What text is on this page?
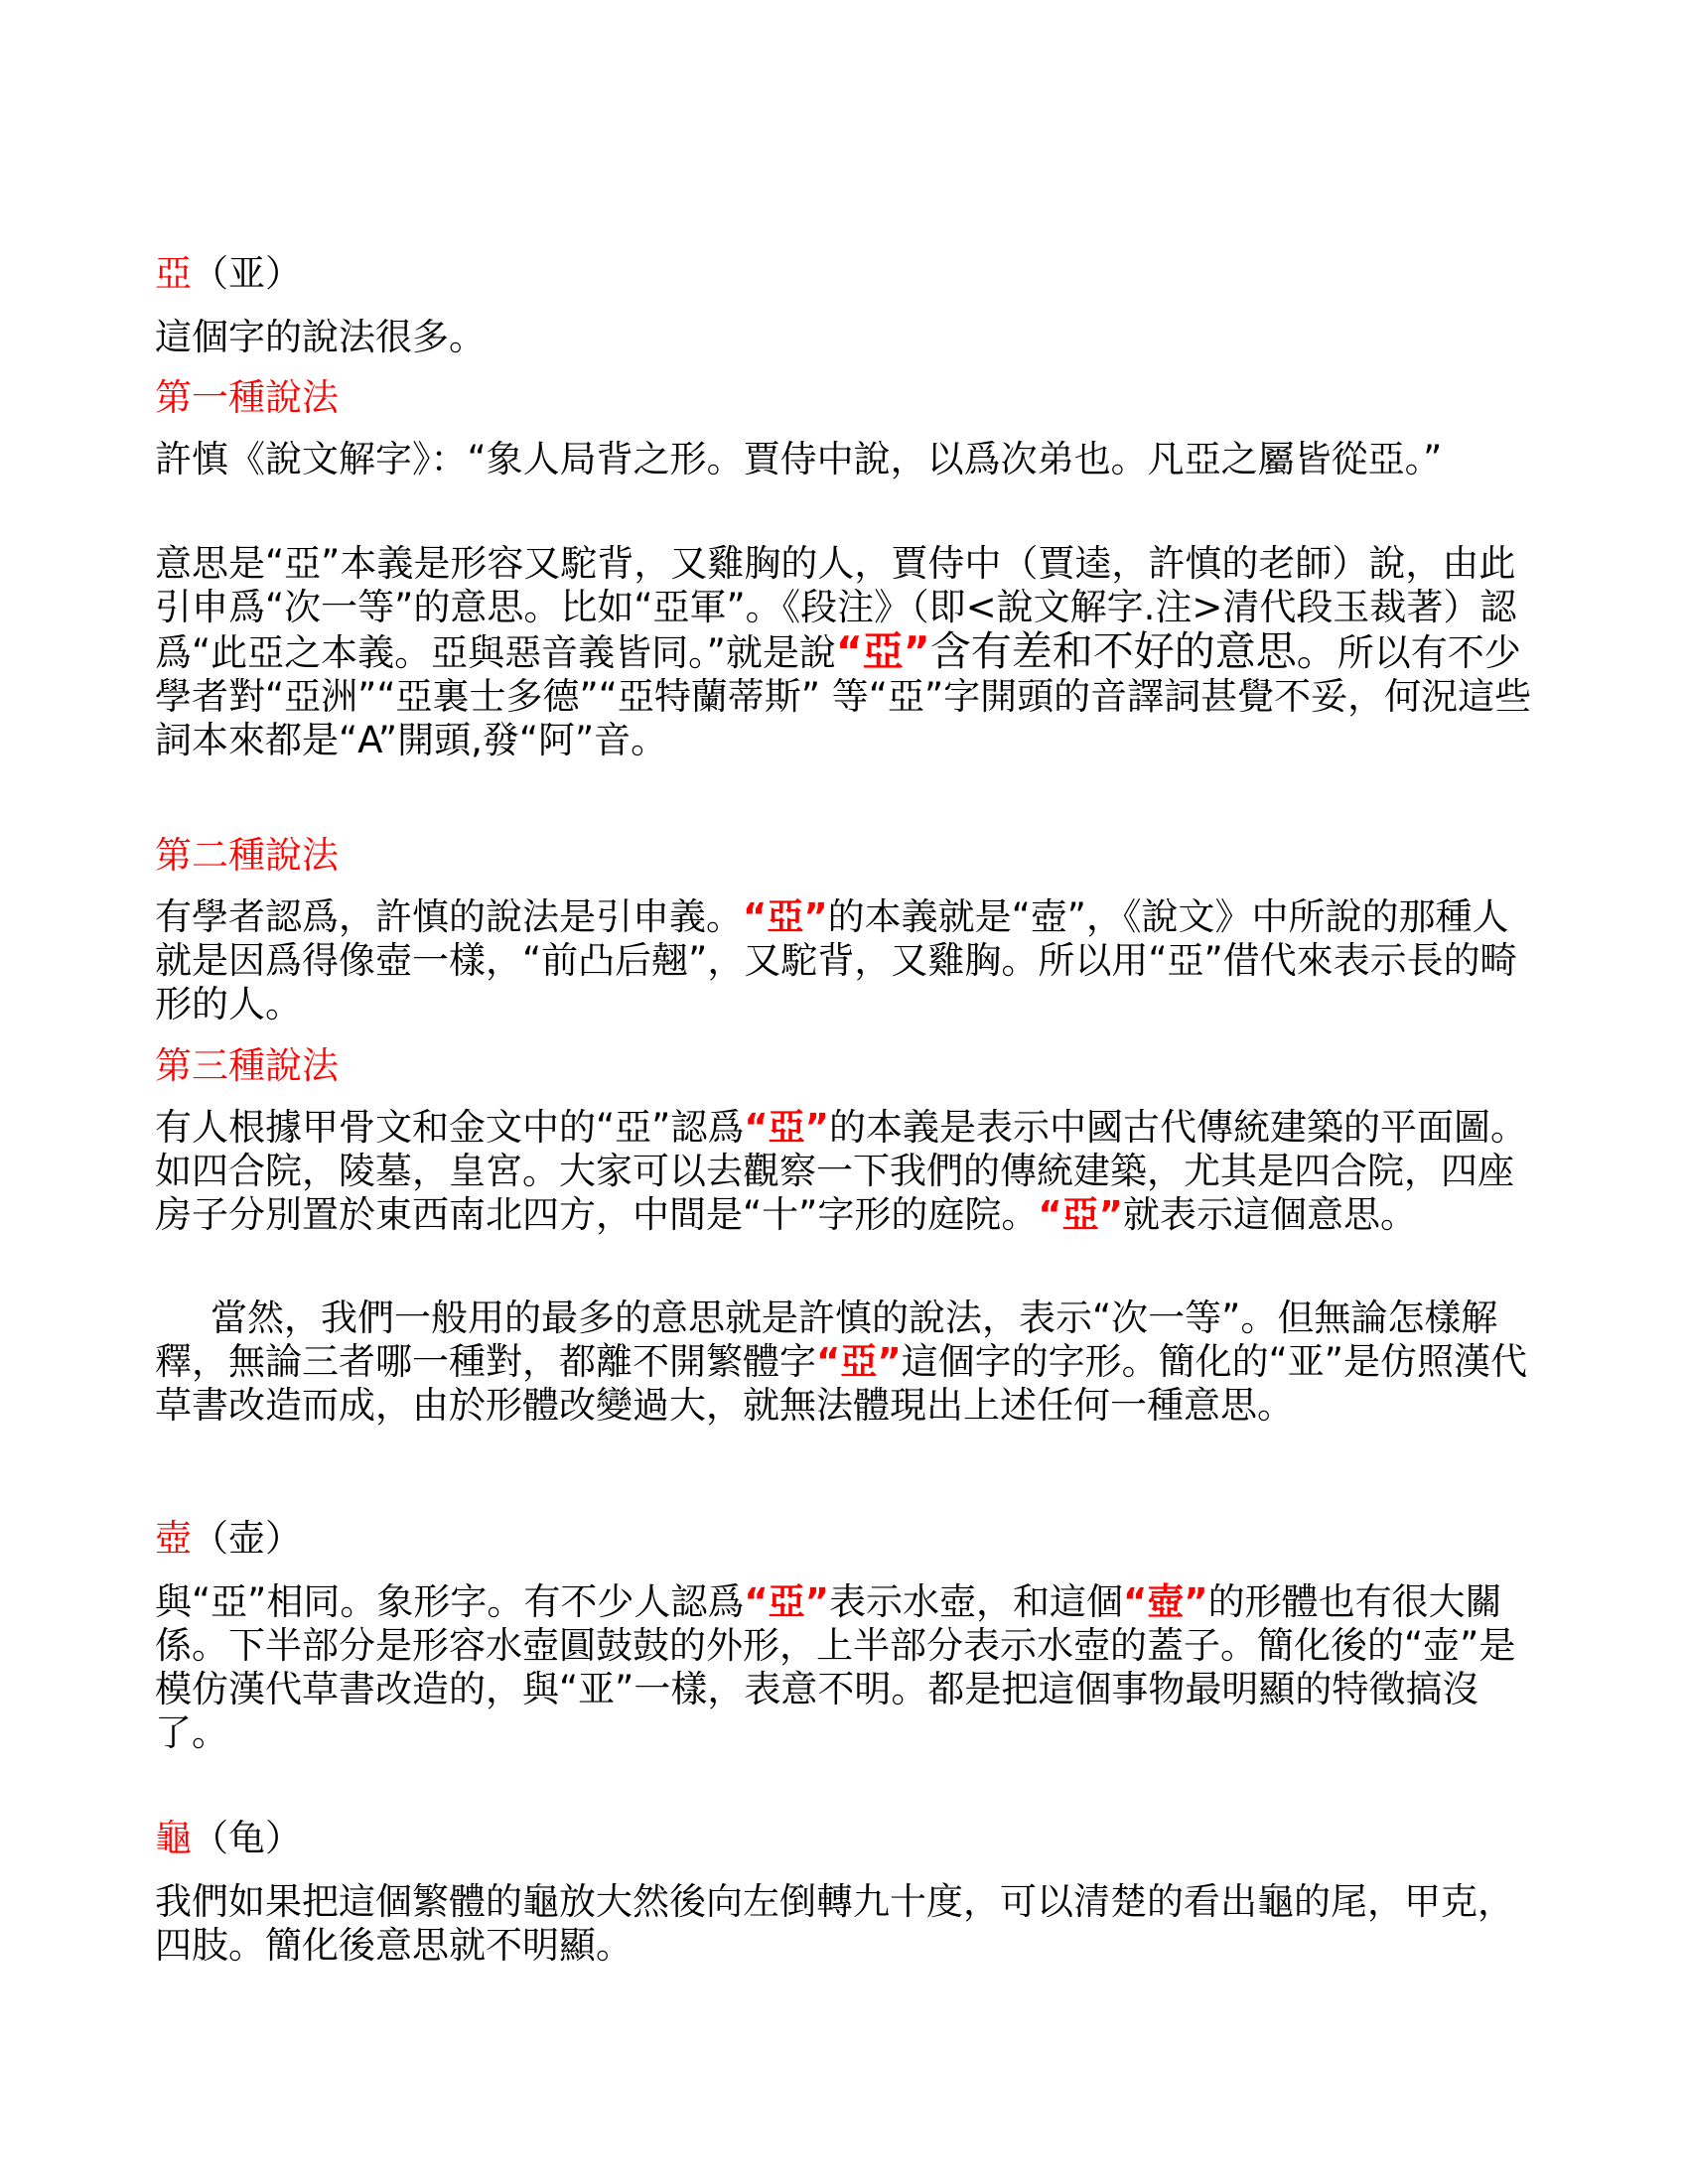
亞（亚）
這個字的說法很多。
第一種說法
許慎《說文解字》：“象人局背之形。賈侍中說，以爲次弟也。凡亞之屬皆從亞。”
意思是“亞”本義是形容又駝背，又雞胸的人，賈侍中（賈逵，許慎的老師）說，由此引申爲“次一等”的意思。比如“亞軍”。《段注》（即<說文解字.注>清代段玉裁著）認爲“此亞之本義。亞與惡音義皆同。”就是說“亞”含有差和不好的意思。所以有不少學者對“亞洲”“亞裏士多德”“亞特蘭蒂斯” 等“亞”字開頭的音譯詞甚覺不妥，何況這些詞本來都是“A”開頭,發“阿”音。
第二種說法
有學者認爲，許慎的說法是引申義。“亞”的本義就是“壺”，《說文》中所說的那種人就是因爲得像壺一樣，“前凸后翹”，又駝背，又雞胸。所以用“亞”借代來表示長的畸形的人。
第三種說法
有人根據甲骨文和金文中的“亞”認爲“亞”的本義是表示中國古代傳統建築的平面圖。如四合院，陵墓，皇宮。大家可以去觀察一下我們的傳統建築，尤其是四合院，四座房子分別置於東西南北四方，中間是“十”字形的庭院。“亞”就表示這個意思。
當然，我們一般用的最多的意思就是許慎的說法，表示“次一等”。但無論怎樣解釋，無論三者哪一種對，都離不開繁體字“亞”這個字的字形。簡化的“亚”是仿照漢代草書改造而成，由於形體改變過大，就無法體現出上述任何一種意思。
壺（壶）
與“亞”相同。象形字。有不少人認爲“亞”表示水壺，和這個“壺”的形體也有很大關係。下半部分是形容水壺圓鼓鼓的外形，上半部分表示水壺的蓋子。簡化後的“壶”是模仿漢代草書改造的，與“亚”一樣，表意不明。都是把這個事物最明顯的特徵搞沒了。
龜（龟）
我們如果把這個繁體的龜放大然後向左倒轉九十度，可以清楚的看出龜的尾，甲克，四肢。簡化後意思就不明顯。
